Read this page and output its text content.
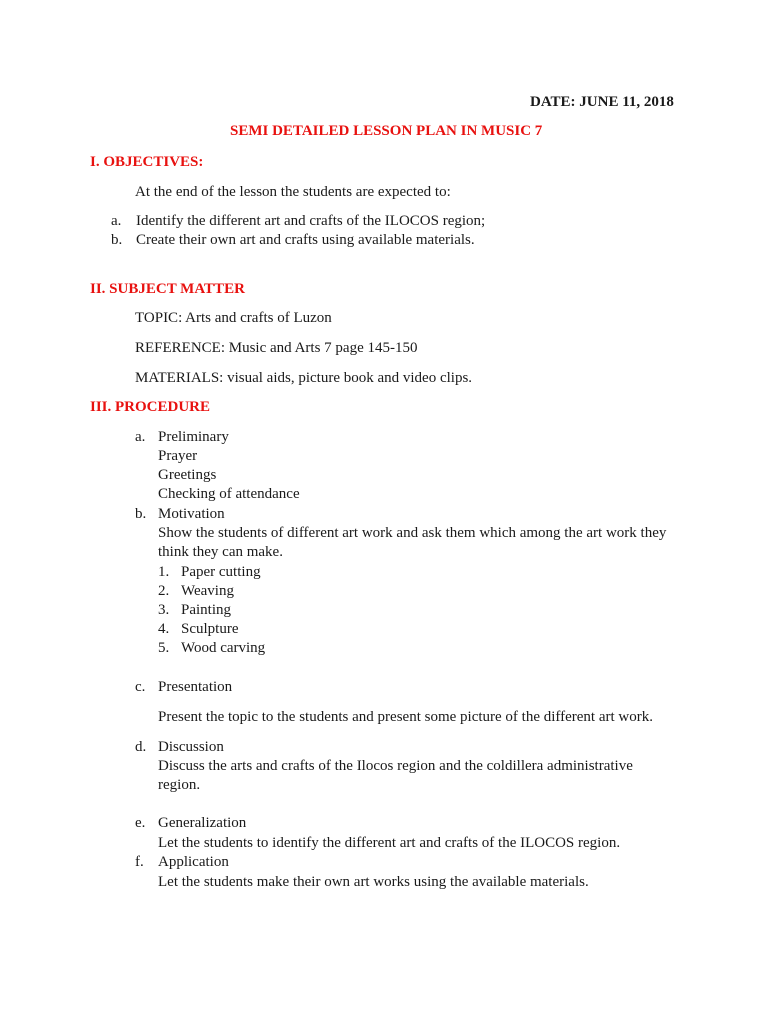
DATE: JUNE 11, 2018
SEMI DETAILED LESSON PLAN IN MUSIC 7
I. OBJECTIVES:
At the end of the lesson the students are expected to:
a. Identify the different art and crafts of the ILOCOS region;
b. Create their own art and crafts using available materials.
II. SUBJECT MATTER
TOPIC: Arts and crafts of Luzon
REFERENCE: Music and Arts 7 page 145-150
MATERIALS: visual aids, picture book and video clips.
III. PROCEDURE
a. Preliminary
Prayer
Greetings
Checking of attendance
b. Motivation
Show the students of different art work and ask them which among the art work they
think they can make.
1. Paper cutting
2. Weaving
3. Painting
4. Sculpture
5. Wood carving
c. Presentation
Present the topic to the students and present some picture of the different art work.
d. Discussion
Discuss the arts and crafts of the Ilocos region and the coldillera administrative
region.
e. Generalization
Let the students to identify the different art and crafts of the ILOCOS region.
f. Application
Let the students make their own art works using the available materials.
